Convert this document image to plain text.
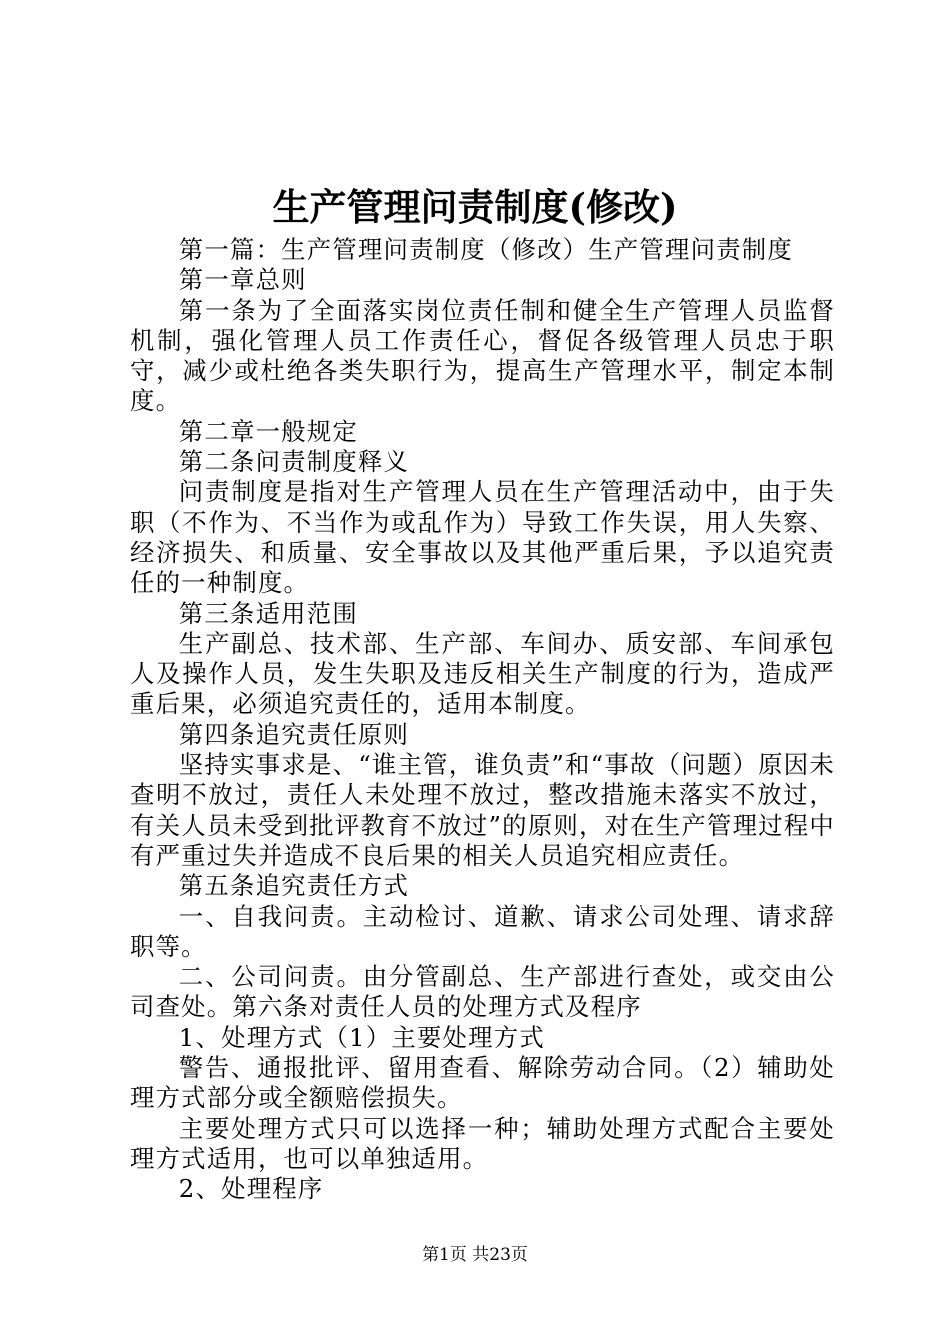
生产管理问责制度(修改)

第一篇：生产管理问责制度（修改）生产管理问责制度

第一章总则

第一条为了全面落实岗位责任制和健全生产管理人员监督机制，强化管理人员工作责任心，督促各级管理人员忠于职守，减少或杜绝各类失职行为，提高生产管理水平，制定本制度。

第二章一般规定

第二条问责制度释义

问责制度是指对生产管理人员在生产管理活动中，由于失职（不作为、不当作为或乱作为）导致工作失误，用人失察、经济损失、和质量、安全事故以及其他严重后果，予以追究责任的一种制度。

第三条适用范围

生产副总、技术部、生产部、车间办、质安部、车间承包人及操作人员，发生失职及违反相关生产制度的行为，造成严重后果，必须追究责任的，适用本制度。

第四条追究责任原则

坚持实事求是、“谁主管，谁负责”和“事故（问题）原因未查明不放过，责任人未处理不放过，整改措施未落实不放过，有关人员未受到批评教育不放过”的原则，对在生产管理过程中有严重过失并造成不良后果的相关人员追究相应责任。

第五条追究责任方式

一、自我问责。主动检讨、道歉、请求公司处理、请求辞职等。

二、公司问责。由分管副总、生产部进行查处，或交由公司查处。第六条对责任人员的处理方式及程序

1、处理方式（1）主要处理方式

警告、通报批评、留用查看、解除劳动合同。（2）辅助处理方式部分或全额赔偿损失。

主要处理方式只可以选择一种；辅助处理方式配合主要处理方式适用，也可以单独适用。

2、处理程序

第1页 共23页
